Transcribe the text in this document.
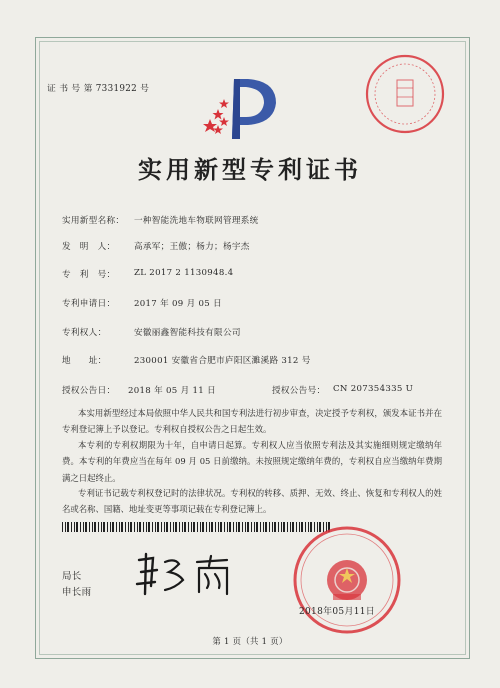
证 书 号 第 7331922 号
实用新型专利证书
实用新型名称： 一种智能洗地车物联网管理系统
发　明　人： 高承军；王傲；杨力；杨宇杰
专　利　号： ZL 2017 2 1130948.4
专利申请日： 2017 年 09 月 05 日
专利权人：	安徽丽鑫智能科技有限公司
地　　址：	230001 安徽省合肥市庐阳区濉溪路 312 号
授权公告日： 2018 年 05 月 11 日	授权公告号： CN 207354335 U
本实用新型经过本局依照中华人民共和国专利法进行初步审查，决定授予专利权，颁发本证书并在专利登记簿上予以登记。专利权自授权公告之日起生效。
本专利的专利权期限为十年，自申请日起算。专利权人应当依照专利法及其实施细则规定缴纳年费。本专利的年费应当在每年 09 月 05 日前缴纳。未按照规定缴纳年费的，专利权自应当缴纳年费期满之日起终止。
专利证书记载专利权登记时的法律状况。专利权的转移、质押、无效、终止、恢复和专利权人的姓名或名称、国籍、地址变更等事项记载在专利登记簿上。
局长
申长雨
2018年05月11日
第 1 页（共 1 页）
